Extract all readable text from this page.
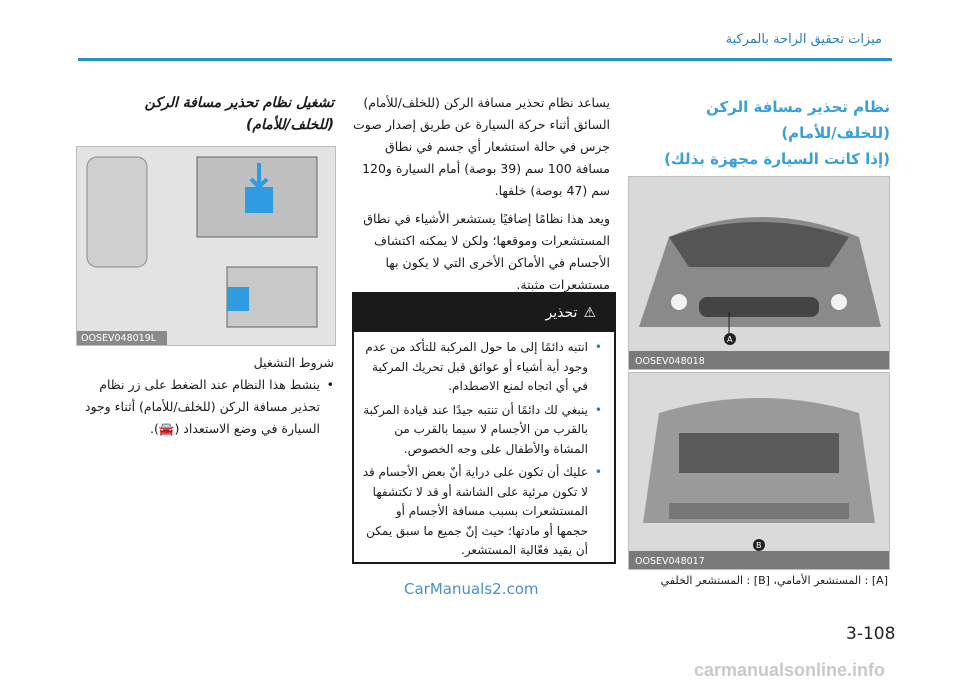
ميزات تحقيق الراحة بالمركبة
نظام تحذير مسافة الركن
(للخلف/للأمام)
(إذا كانت السيارة مجهزة بذلك)
A
OOSEV048018
B
OOSEV048017
[A] : المستشعر الأمامي، [B] : المستشعر الخلفي

يساعد نظام تحذير مسافة الركن (للخلف/للأمام) السائق أثناء حركة السيارة عن طريق إصدار صوت جرس في حالة استشعار أي جسم في نطاق مسافة 100 سم (39 بوصة) أمام السيارة و120 سم (47 بوصة) خلفها.

ويعد هذا نظامًا إضافيًا يستشعر الأشياء في نطاق المستشعرات وموقعها؛ ولكن لا يمكنه اكتشاف الأجسام في الأماكن الأخرى التي لا يكون بها مستشعرات مثبتة.

تحذير ⚠
• انتبه دائمًا إلى ما حول المركبة للتأكد من عدم وجود أية أشياء أو عوائق قبل تحريك المركبة في أي اتجاه لمنع الاصطدام.
• ينبغي لك دائمًا أن تنتبه جيدًا عند قيادة المركبة بالقرب من الأجسام لا سيما بالقرب من المشاة والأطفال على وجه الخصوص.
• عليك أن تكون على دراية أنّ بعض الأجسام قد لا تكون مرئية على الشاشة أو قد لا تكتشفها المستشعرات بسبب مسافة الأجسام أو حجمها أو مادتها؛ حيث إنّ جميع ما سبق يمكن أن يقيد فعّالية المستشعر.
تشغيل نظام تحذير مسافة الركن
(للخلف/للأمام)
OOSEV048019L
شروط التشغيل
• ينشط هذا النظام عند الضغط على زر نظام تحذير مسافة الركن (للخلف/للأمام) أثناء وجود السيارة في وضع الاستعداد (🚘).
CarManuals2.com
3-108
carmanualsonline.info
